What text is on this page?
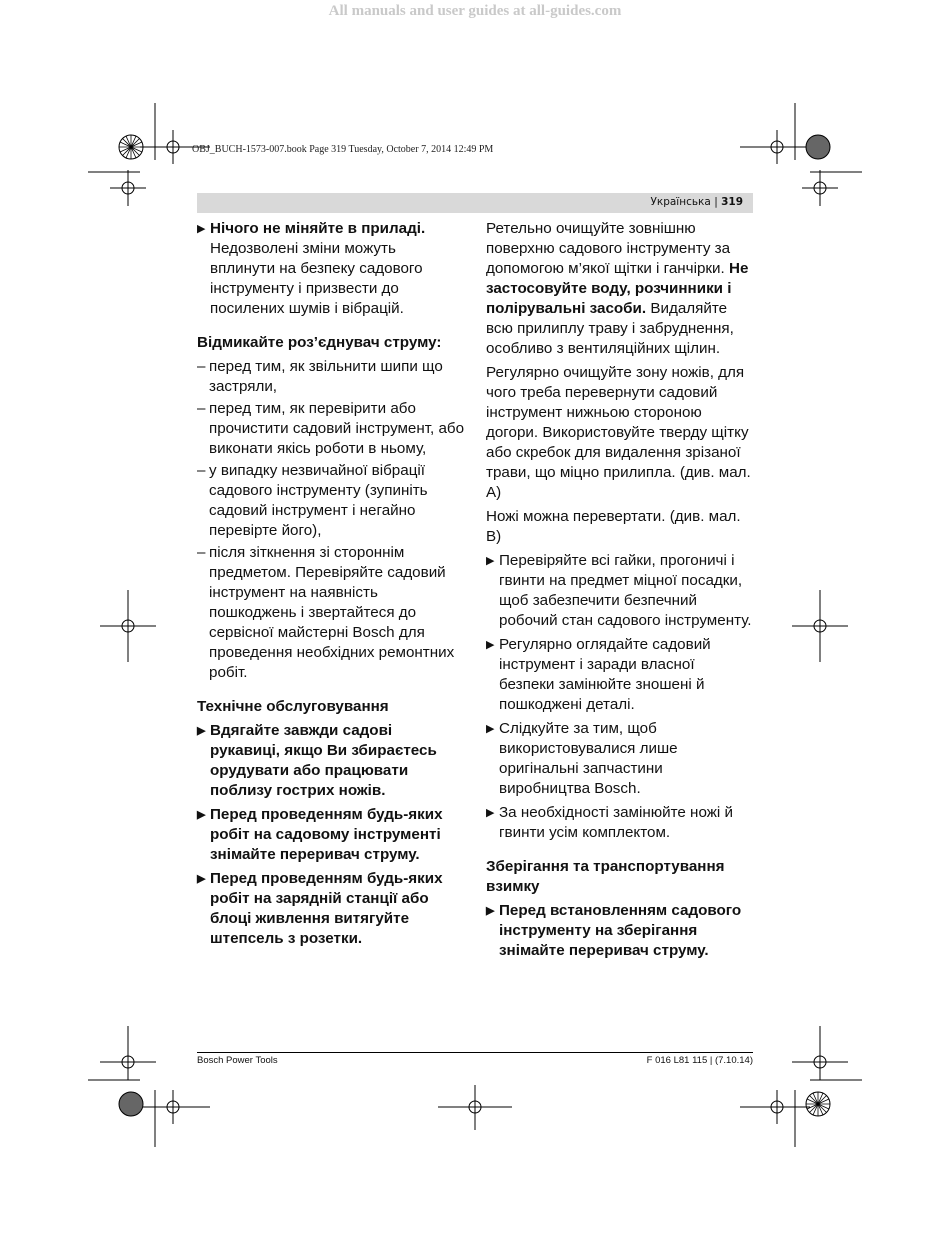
All manuals and user guides at all-guides.com
OBJ_BUCH-1573-007.book Page 319 Tuesday, October 7, 2014 12:49 PM
Українська | 319
▶ Нічого не міняйте в приладі. Недозволені зміни можуть вплинути на безпеку садового інструменту і призвести до посилених шумів і вібрацій.
Відмикайте роз’єднувач струму:
– перед тим, як звільнити шипи що застряли,
– перед тим, як перевірити або прочистити садовий інструмент, або виконати якісь роботи в ньому,
– у випадку незвичайної вібрації садового інструменту (зупиніть садовий інструмент і негайно перевірте його),
– після зіткнення зі стороннім предметом. Перевіряйте садовий інструмент на наявність пошкоджень і звертайтеся до сервісної майстерні Bosch для проведення необхідних ремонтних робіт.
Технічне обслуговування
▶ Вдягайте завжди садові рукавиці, якщо Ви збираєтесь орудувати або працювати поблизу гострих ножів.
▶ Перед проведенням будь-яких робіт на садовому інструменті знімайте переривач струму.
▶ Перед проведенням будь-яких робіт на зарядній станції або блоці живлення витягуйте штепсель з розетки.

Ретельно очищуйте зовнішню поверхню садового інструменту за допомогою м’якої щітки і ганчірки. Не застосовуйте воду, розчинники і полірувальні засоби. Видаляйте всю прилиплу траву і забруднення, особливо з вентиляційних щілин.

Регулярно очищуйте зону ножів, для чого треба перевернути садовий інструмент нижньою стороною догори. Використовуйте тверду щітку або скребок для видалення зрізаної трави, що міцно прилипла. (див. мал. A)

Ножі можна перевертати. (див. мал. B)

▶ Перевіряйте всі гайки, прогоничі і гвинти на предмет міцної посадки, щоб забезпечити безпечний робочий стан садового інструменту.
▶ Регулярно оглядайте садовий інструмент і заради власної безпеки замінюйте зношені й пошкоджені деталі.
▶ Слідкуйте за тим, щоб використовувалися лише оригінальні запчастини виробництва Bosch.
▶ За необхідності замінюйте ножі й гвинти усім комплектом.
Зберігання та транспортування взимку
▶ Перед встановленням садового інструменту на зберігання знімайте переривач струму.
Bosch Power Tools	F 016 L81 115 | (7.10.14)
